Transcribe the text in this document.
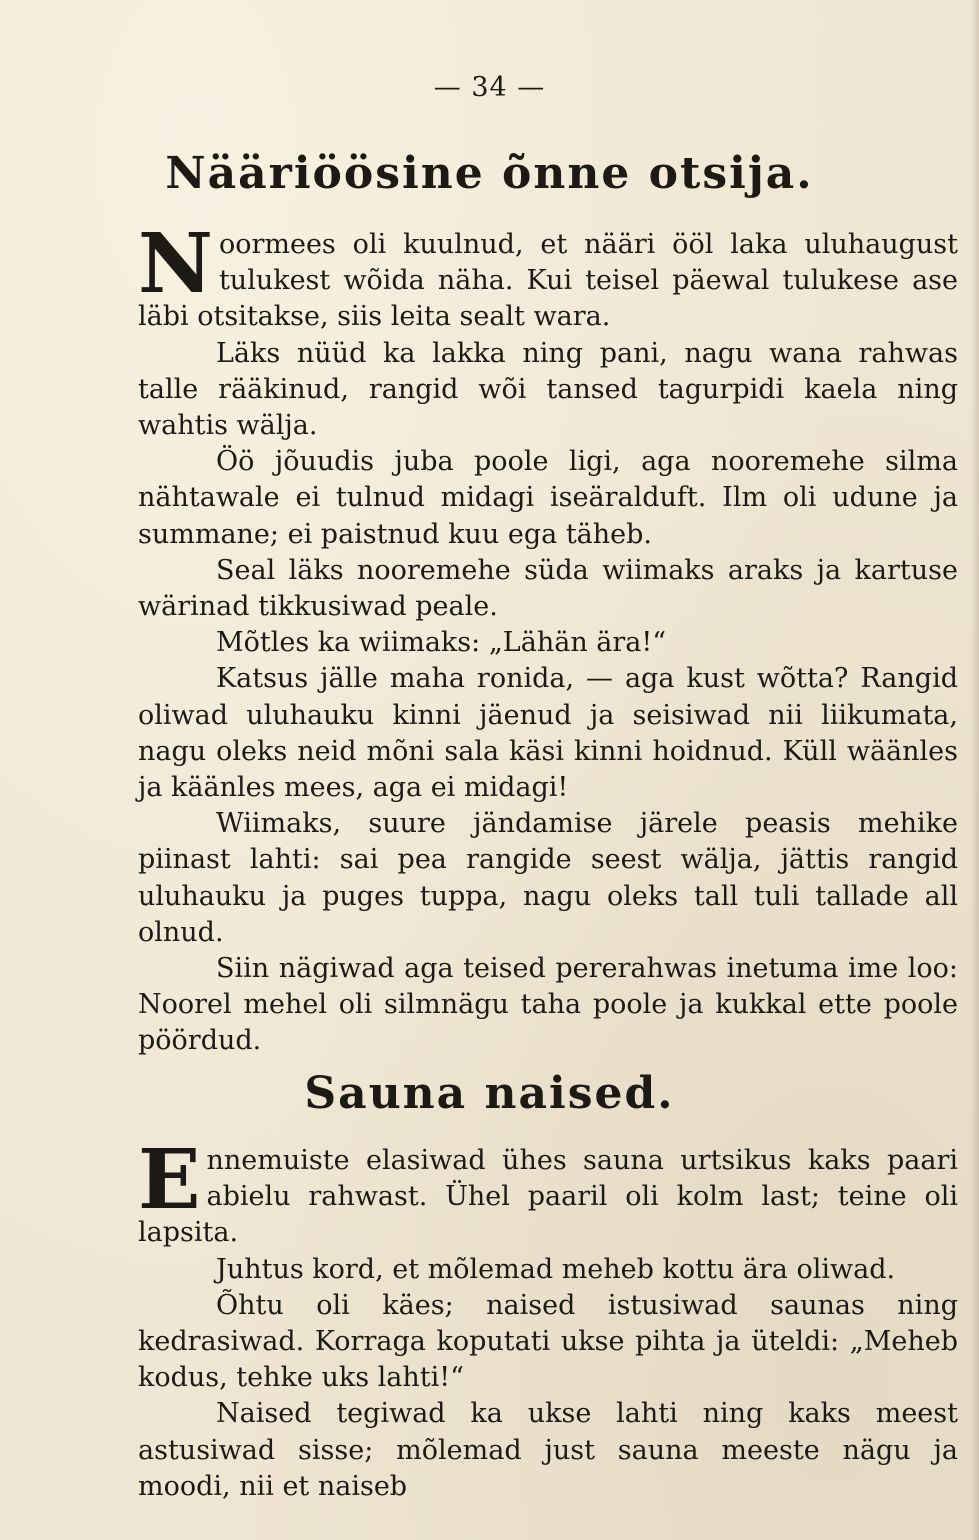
— 34 —
Nääriöösine õnne otsija.

Noormees oli kuulnud, et nääri ööl laka uluhaugust tulukest wõida näha. Kui teisel päewal tulukese ase läbi otsitakse, siis leita sealt wara.

Läks nüüd ka lakka ning pani, nagu wana rahwas talle rääkinud, rangid wõi tansed tagurpidi kaela ning wahtis wälja.

Öö jõuudis juba poole ligi, aga nooremehe silma nähtawale ei tulnud midagi iseäralduft. Ilm oli udune ja summane; ei paistnud kuu ega täheb.

Seal läks nooremehe süda wiimaks araks ja kartuse wärinad tikkusiwad peale.

Mõtles ka wiimaks: „Lähän ära!“

Katsus jälle maha ronida, — aga kust wõtta? Rangid oliwad uluhauku kinni jäenud ja seisiwad nii liikumata, nagu oleks neid mõni sala käsi kinni hoidnud. Küll wäänles ja käänles mees, aga ei midagi!

Wiimaks, suure jändamise järele peasis mehike piinast lahti: sai pea rangide seest wälja, jättis rangid uluhauku ja puges tuppa, nagu oleks tall tuli tallade all olnud.

Siin nägiwad aga teised pererahwas inetuma ime loo: Noorel mehel oli silmnägu taha poole ja kukkal ette poole pöördud.

Sauna naised.

Ennemuiste elasiwad ühes sauna urtsikus kaks paari abielu rahwast. Ühel paaril oli kolm last; teine oli lapsita.

Juhtus kord, et mõlemad meheb kottu ära oliwad.

Õhtu oli käes; naised istusiwad saunas ning kedrasiwad. Korraga koputati ukse pihta ja üteldi: „Meheb kodus, tehke uks lahti!“

Naised tegiwad ka ukse lahti ning kaks meest astusiwad sisse; mõlemad just sauna meeste nägu ja moodi, nii et naiseb
